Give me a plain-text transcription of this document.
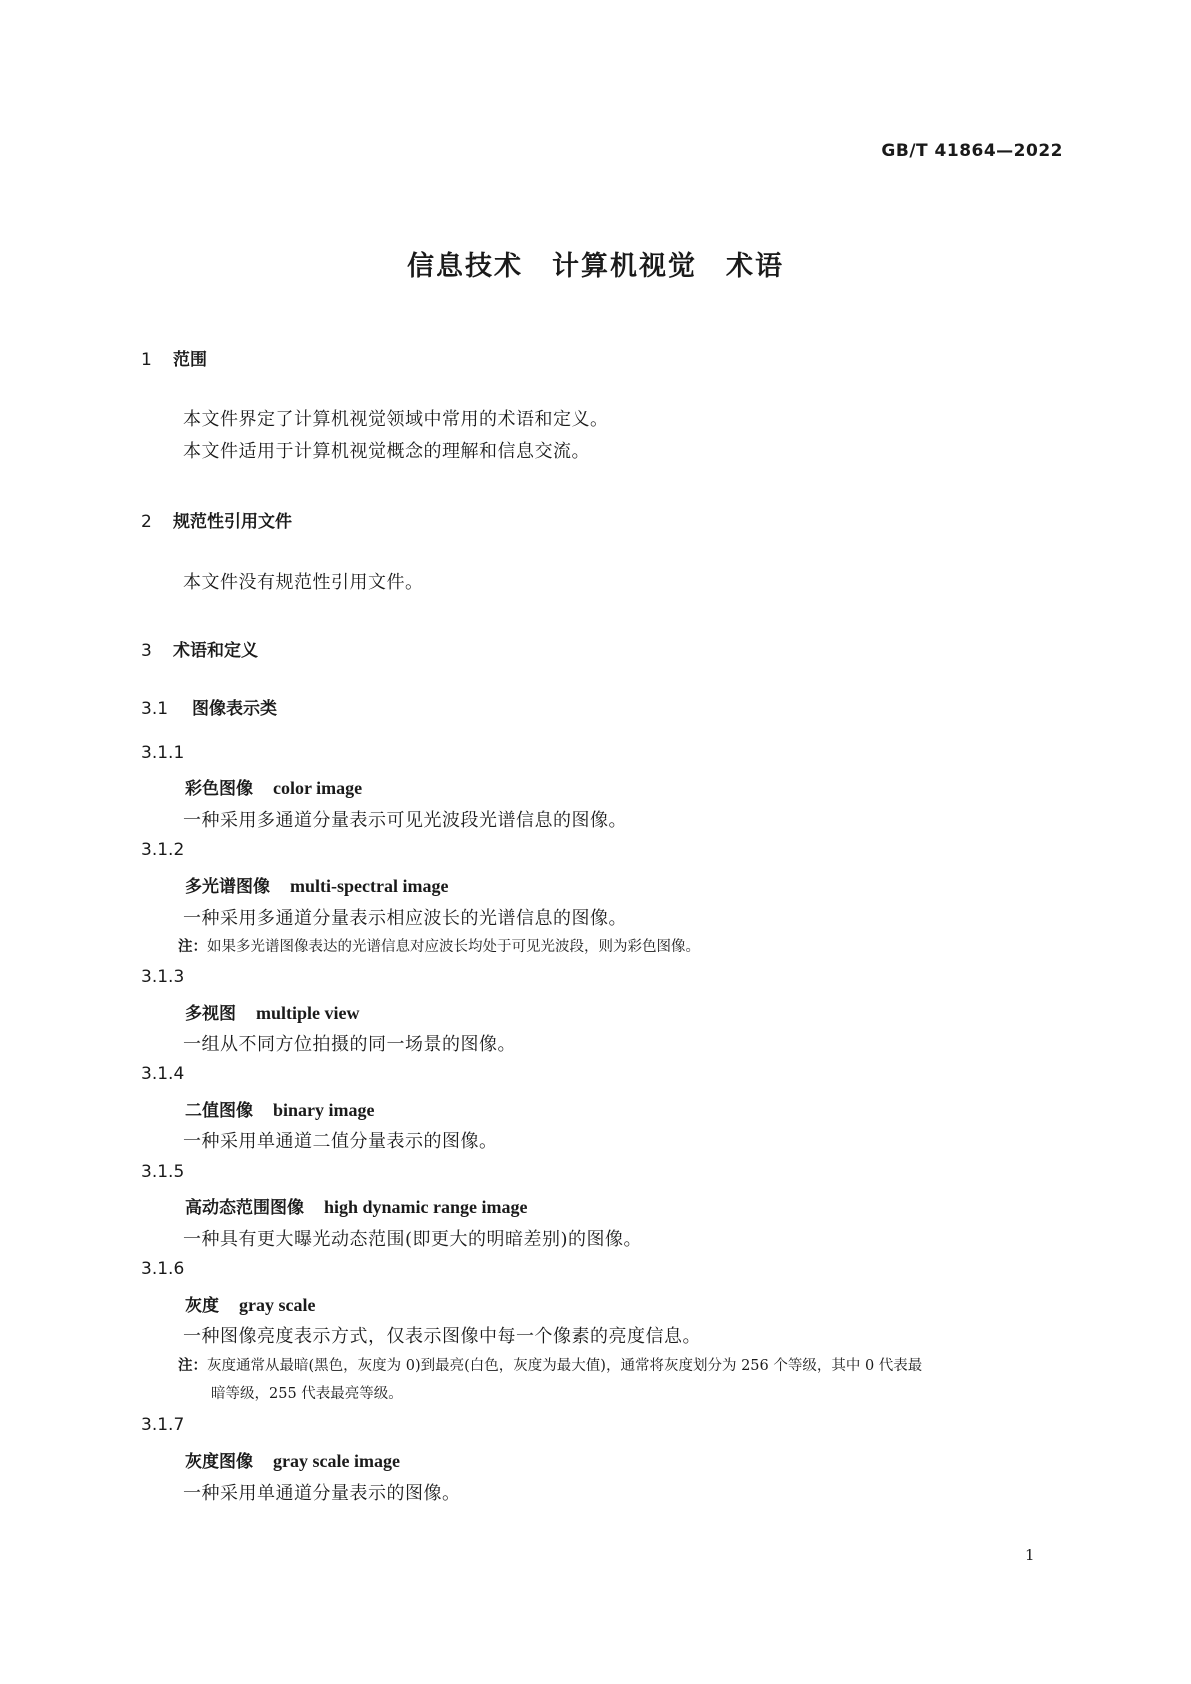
GB/T 41864—2022
信息技术　计算机视觉　术语
1 范围
本文件界定了计算机视觉领域中常用的术语和定义。
本文件适用于计算机视觉概念的理解和信息交流。
2 规范性引用文件
本文件没有规范性引用文件。
3 术语和定义
3.1 图像表示类
3.1.1
彩色图像 color image
一种采用多通道分量表示可见光波段光谱信息的图像。
3.1.2
多光谱图像 multi-spectral image
一种采用多通道分量表示相应波长的光谱信息的图像。
注：如果多光谱图像表达的光谱信息对应波长均处于可见光波段，则为彩色图像。
3.1.3
多视图 multiple view
一组从不同方位拍摄的同一场景的图像。
3.1.4
二值图像 binary image
一种采用单通道二值分量表示的图像。
3.1.5
高动态范围图像 high dynamic range image
一种具有更大曝光动态范围(即更大的明暗差别)的图像。
3.1.6
灰度 gray scale
一种图像亮度表示方式，仅表示图像中每一个像素的亮度信息。
注：灰度通常从最暗(黑色，灰度为 0)到最亮(白色，灰度为最大值)，通常将灰度划分为 256 个等级，其中 0 代表最
暗等级，255 代表最亮等级。
3.1.7
灰度图像 gray scale image
一种采用单通道分量表示的图像。
1
